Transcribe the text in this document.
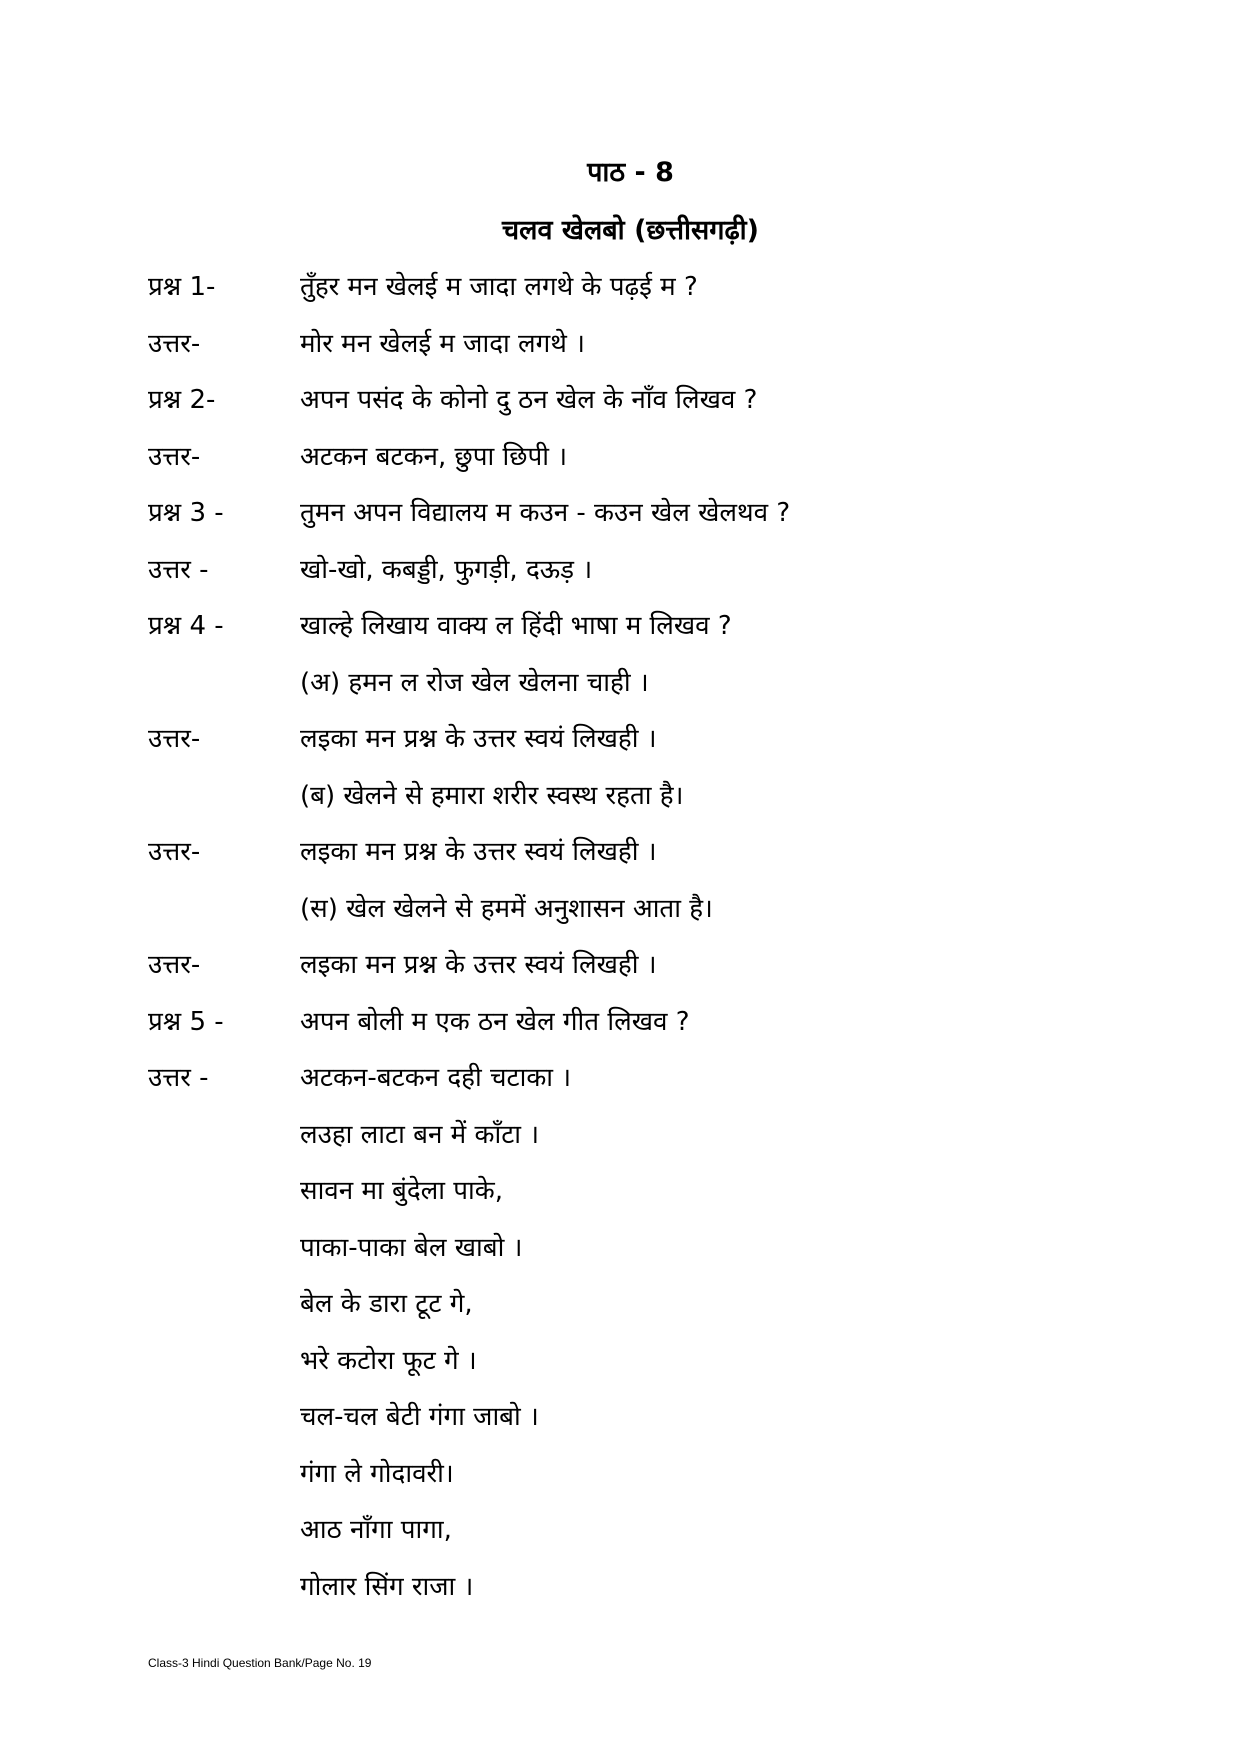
पाठ - 8
चलव खेलबो (छत्तीसगढ़ी)
प्रश्न 1-	तुँहर मन खेलई म जादा लगथे के पढ़ई म ?
उत्तर-	मोर मन खेलई म जादा लगथे ।
प्रश्न 2-	अपन पसंद के कोनो दु ठन खेल के नाँव लिखव ?
उत्तर-	अटकन बटकन, छुपा छिपी ।
प्रश्न 3 -	तुमन अपन विद्यालय म कउन - कउन खेल खेलथव ?
उत्तर -	खो-खो, कबड्डी, फुगड़ी, दऊड़ ।
प्रश्न 4 -	खाल्हे लिखाय वाक्य ल हिंदी भाषा म लिखव ?
(अ) हमन ल रोज खेल खेलना चाही ।
उत्तर-	लइका मन प्रश्न के उत्तर स्वयं लिखही ।
(ब) खेलने से हमारा शरीर स्वस्थ रहता है।
उत्तर-	लइका मन प्रश्न के उत्तर स्वयं लिखही ।
(स) खेल खेलने से हममें अनुशासन आता है।
उत्तर-	लइका मन प्रश्न के उत्तर स्वयं लिखही ।
प्रश्न 5 -	अपन बोली म एक ठन खेल गीत लिखव ?
उत्तर -	अटकन-बटकन दही चटाका ।
लउहा लाटा बन में काँटा ।
सावन मा बुंदेला पाके,
पाका-पाका बेल खाबो ।
बेल के डारा टूट गे,
भरे कटोरा फूट गे ।
चल-चल बेटी गंगा जाबो ।
गंगा ले गोदावरी।
आठ नाँगा पागा,
गोलार सिंग राजा ।
Class-3 Hindi Question Bank/Page No. 19
